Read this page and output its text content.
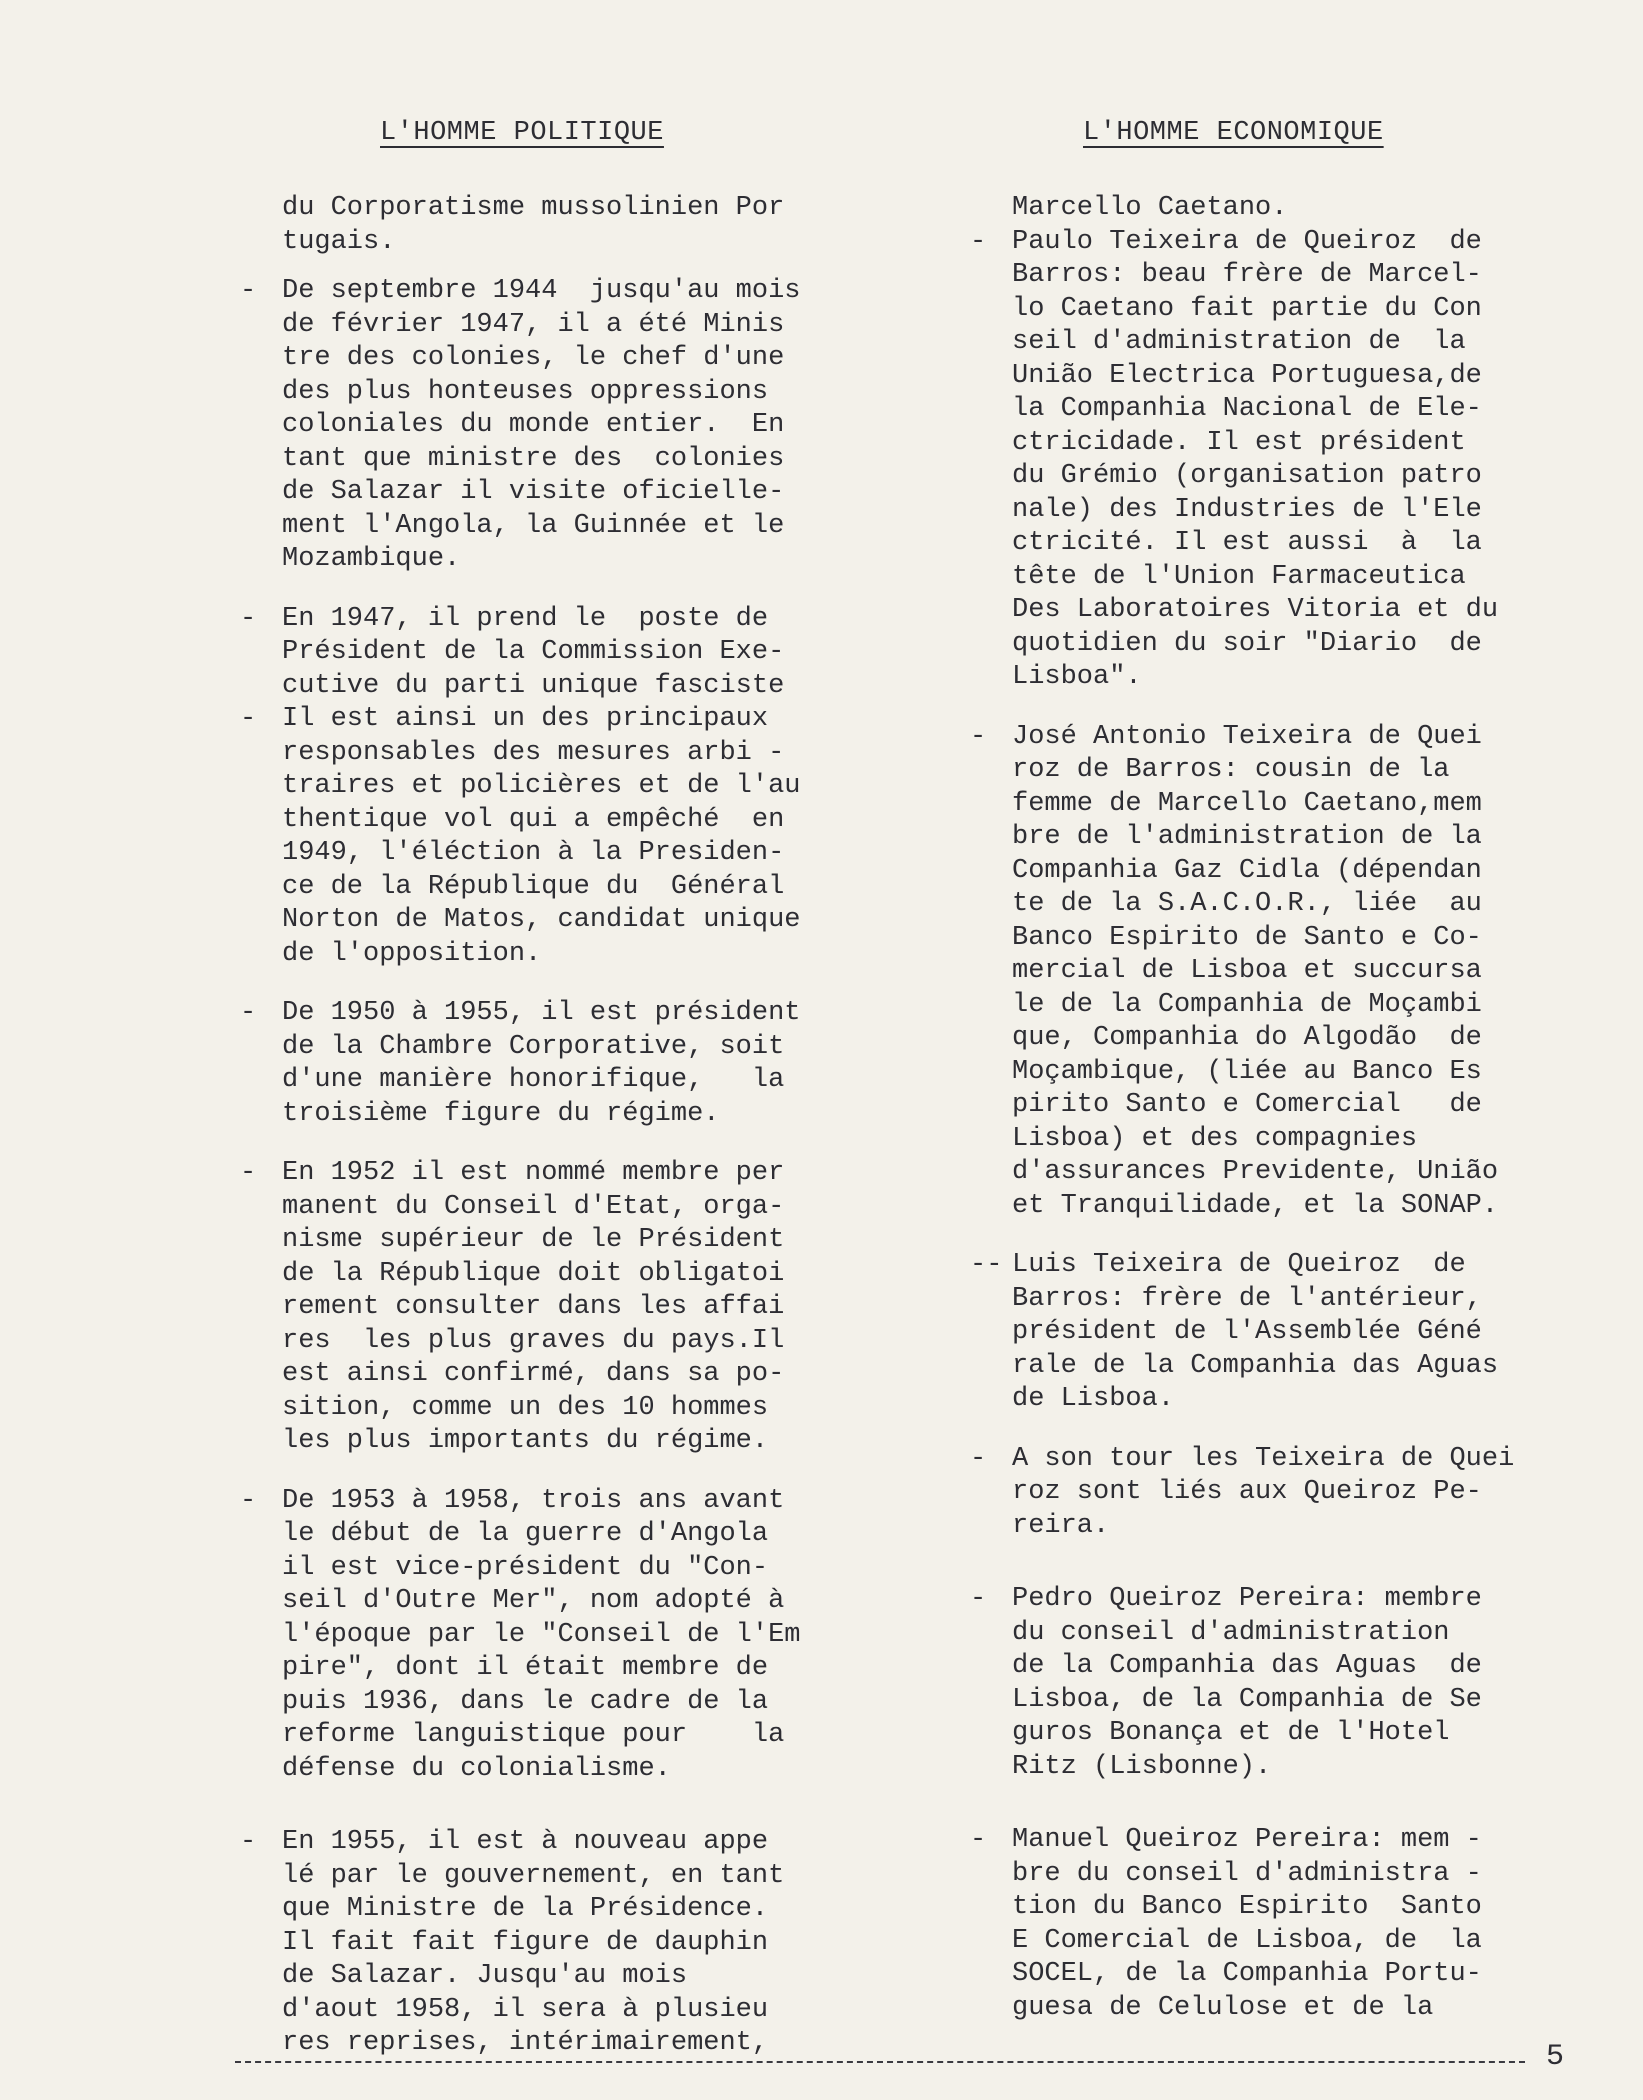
L'HOMME POLITIQUE	L'HOMME ECONOMIQUE

du Corporatisme mussolinien Por
tugais.

- De septembre 1944  jusqu'au mois
de février 1947, il a été Minis
tre des colonies, le chef d'une
des plus honteuses oppressions
coloniales du monde entier.  En
tant que ministre des  colonies
de Salazar il visite oficielle-
ment l'Angola, la Guinnée et le
Mozambique.

- En 1947, il prend le  poste de
Président de la Commission Exe-
cutive du parti unique fasciste

- Il est ainsi un des principaux
responsables des mesures arbi -
traires et policières et de l'au
thentique vol qui a empêché  en
1949, l'éléction à la Presiden-
ce de la République du  Général
Norton de Matos, candidat unique
de l'opposition.

- De 1950 à 1955, il est président
de la Chambre Corporative, soit
d'une manière honorifique,   la
troisième figure du régime.

- En 1952 il est nommé membre per
manent du Conseil d'Etat, orga-
nisme supérieur de le Président
de la République doit obligatoi
rement consulter dans les affai
res  les plus graves du pays.Il
est ainsi confirmé, dans sa po-
sition, comme un des 10 hommes
les plus importants du régime.

- De 1953 à 1958, trois ans avant
le début de la guerre d'Angola
il est vice-président du "Con-
seil d'Outre Mer", nom adopté à
l'époque par le "Conseil de l'Em
pire", dont il était membre de
puis 1936, dans le cadre de la
reforme languistique pour    la
défense du colonialisme.

- En 1955, il est à nouveau appe
lé par le gouvernement, en tant
que Ministre de la Présidence.
Il fait fait figure de dauphin
de Salazar. Jusqu'au mois
d'aout 1958, il sera à plusieu
res reprises, intérimairement,

Marcello Caetano.

- Paulo Teixeira de Queiroz  de
Barros: beau frère de Marcel-
lo Caetano fait partie du Con
seil d'administration de  la
União Electrica Portuguesa,de
la Companhia Nacional de Ele-
ctricidade. Il est président
du Grémio (organisation patro
nale) des Industries de l'Ele
ctricité. Il est aussi  à  la
tête de l'Union Farmaceutica
Des Laboratoires Vitoria et du
quotidien du soir "Diario  de
Lisboa".

- José Antonio Teixeira de Quei
roz de Barros: cousin de la
femme de Marcello Caetano,mem
bre de l'administration de la
Companhia Gaz Cidla (dépendan
te de la S.A.C.O.R., liée  au
Banco Espirito de Santo e Co-
mercial de Lisboa et succursa
le de la Companhia de Moçambi
que, Companhia do Algodão  de
Moçambique, (liée au Banco Es
pirito Santo e Comercial   de
Lisboa) et des compagnies
d'assurances Previdente, União
et Tranquilidade, et la SONAP.

-- Luis Teixeira de Queiroz  de
Barros: frère de l'antérieur,
président de l'Assemblée Géné
rale de la Companhia das Aguas
de Lisboa.

- A son tour les Teixeira de Quei
roz sont liés aux Queiroz Pe-
reira.

- Pedro Queiroz Pereira: membre
du conseil d'administration
de la Companhia das Aguas  de
Lisboa, de la Companhia de Se
guros Bonança et de l'Hotel
Ritz (Lisbonne).

- Manuel Queiroz Pereira: mem -
bre du conseil d'administra -
tion du Banco Espirito  Santo
E Comercial de Lisboa, de  la
SOCEL, de la Companhia Portu-
guesa de Celulose et de la

5
